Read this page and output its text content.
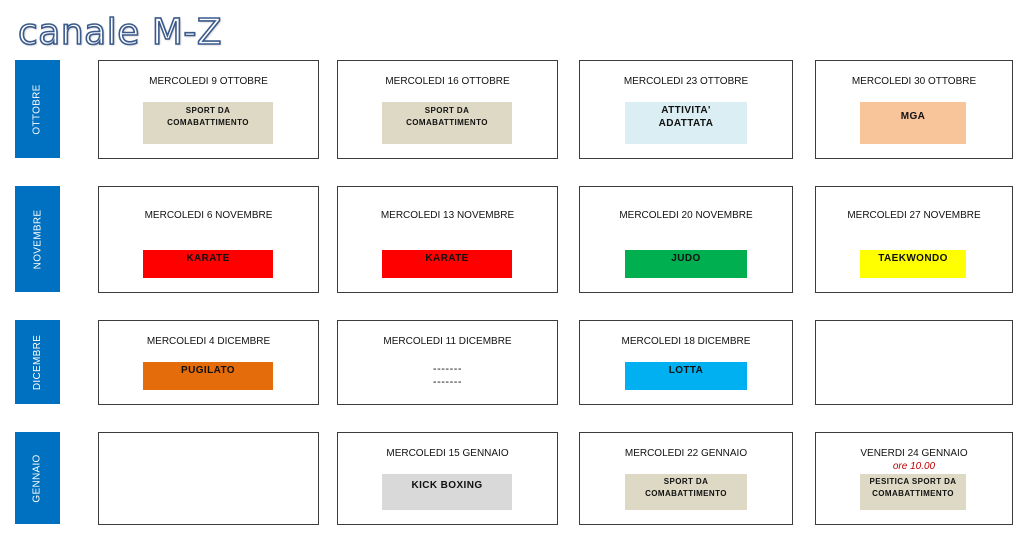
canale M-Z
OTTOBRE
MERCOLEDI 9 OTTOBRE
SPORT DA
COMABATTIMENTO
MERCOLEDI 16 OTTOBRE
SPORT DA
COMABATTIMENTO
MERCOLEDI 23 OTTOBRE
ATTIVITA'
ADATTATA
MERCOLEDI 30 OTTOBRE
MGA
NOVEMBRE	MERCOLEDI 6 NOVEMBRE
KARATE
MERCOLEDI 13 NOVEMBRE
KARATE
MERCOLEDI 20 NOVEMBRE
JUDO
MERCOLEDI 27 NOVEMBRE
TAEKWONDO
DICEMBRE	MERCOLEDI 4 DICEMBRE
PUGILATO
MERCOLEDI 11 DICEMBRE
-------
-------
MERCOLEDI 18 DICEMBRE
LOTTA
GENNAIO
MERCOLEDI 15 GENNAIO
KICK BOXING
MERCOLEDI 22 GENNAIO
SPORT DA
COMABATTIMENTO
VENERDI 24 GENNAIO
ore 10.00
PESITICA SPORT DA
COMABATTIMENTO
